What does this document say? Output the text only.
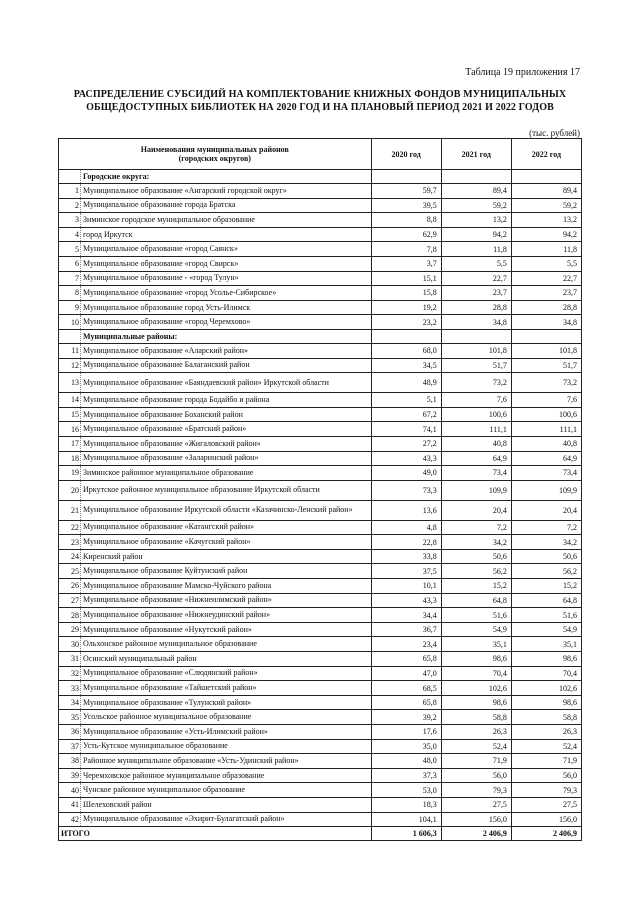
Таблица 19 приложения 17
РАСПРЕДЕЛЕНИЕ СУБСИДИЙ НА КОМПЛЕКТОВАНИЕ КНИЖНЫХ ФОНДОВ МУНИЦИПАЛЬНЫХ
ОБЩЕДОСТУПНЫХ БИБЛИОТЕК НА 2020 ГОД И НА ПЛАНОВЫЙ ПЕРИОД 2021 И 2022 ГОДОВ
(тыс. рублей)
Наименования муниципальных районов
(городских округов)		2020 год	2021 год	2022 год
	Городские округа:			
1	Муниципальное образование «Ангарский городской округ»	59,7	89,4	89,4
2	Муниципальное образование города Братска	39,5	59,2	59,2
3	Зиминское городское муниципальное образование	8,8	13,2	13,2
4	город Иркутск	62,9	94,2	94,2
5	Муниципальное образование «город Саянск»	7,8	11,8	11,8
6	Муниципальное образование «город Свирск»	3,7	5,5	5,5
7	Муниципальное образование - «город Тулун»	15,1	22,7	22,7
8	Муниципальное образование «город Усолье-Сибирское»	15,8	23,7	23,7
9	Муниципальное образование город Усть-Илимск	19,2	28,8	28,8
10	Муниципальное образование «город Черемхово»	23,2	34,8	34,8
	Муниципальные районы:			
11	Муниципальное образование «Аларский район»	68,0	101,8	101,8
12	Муниципальное образование Балаганский район	34,5	51,7	51,7
13	Муниципальное образование «Баяндаевский район» Иркутской области	48,9	73,2	73,2
14	Муниципальное образование города Бодайбо и района	5,1	7,6	7,6
15	Муниципальное образование Боханский район	67,2	100,6	100,6
16	Муниципальное образование «Братский район»	74,1	111,1	111,1
17	Муниципальное образование «Жигаловский район»	27,2	40,8	40,8
18	Муниципальное образование «Заларинский район»	43,3	64,9	64,9
19	Зиминское районное муниципальное образование	49,0	73,4	73,4
20	Иркутское районное муниципальное образование Иркутской области	73,3	109,9	109,9
21	Муниципальное образование Иркутской области «Казачинско-Ленский район»	13,6	20,4	20,4
22	Муниципальное образование «Катангский район»	4,8	7,2	7,2
23	Муниципальное образование «Качугский район»	22,8	34,2	34,2
24	Киренский район	33,8	50,6	50,6
25	Муниципальное образование Куйтунский район	37,5	56,2	56,2
26	Муниципальное образование Мамско-Чуйского района	10,1	15,2	15,2
27	Муниципальное образование «Нижнеилимский район»	43,3	64,8	64,8
28	Муниципальное образование «Нижнеудинский район»	34,4	51,6	51,6
29	Муниципальное образование «Нукутский район»	36,7	54,9	54,9
30	Ольхонское районное муниципальное образование	23,4	35,1	35,1
31	Осинский муниципальный район	65,8	98,6	98,6
32	Муниципальное образование «Слюдянский район»	47,0	70,4	70,4
33	Муниципальное образование «Тайшетский район»	68,5	102,6	102,6
34	Муниципальное образование «Тулунский район»	65,8	98,6	98,6
35	Усольское районное муниципальное образование	39,2	58,8	58,8
36	Муниципальное образование «Усть-Илимский район»	17,6	26,3	26,3
37	Усть-Кутское муниципальное образование	35,0	52,4	52,4
38	Районное муниципальное образование «Усть-Удинский район»	48,0	71,9	71,9
39	Черемховское районное муниципальное образование	37,3	56,0	56,0
40	Чунское районное муниципальное образование	53,0	79,3	79,3
41	Шелеховский район	18,3	27,5	27,5
42	Муниципальное образование «Эхирит-Булагатский район»	104,1	156,0	156,0
ИТОГО		1 606,3	2 406,9	2 406,9
